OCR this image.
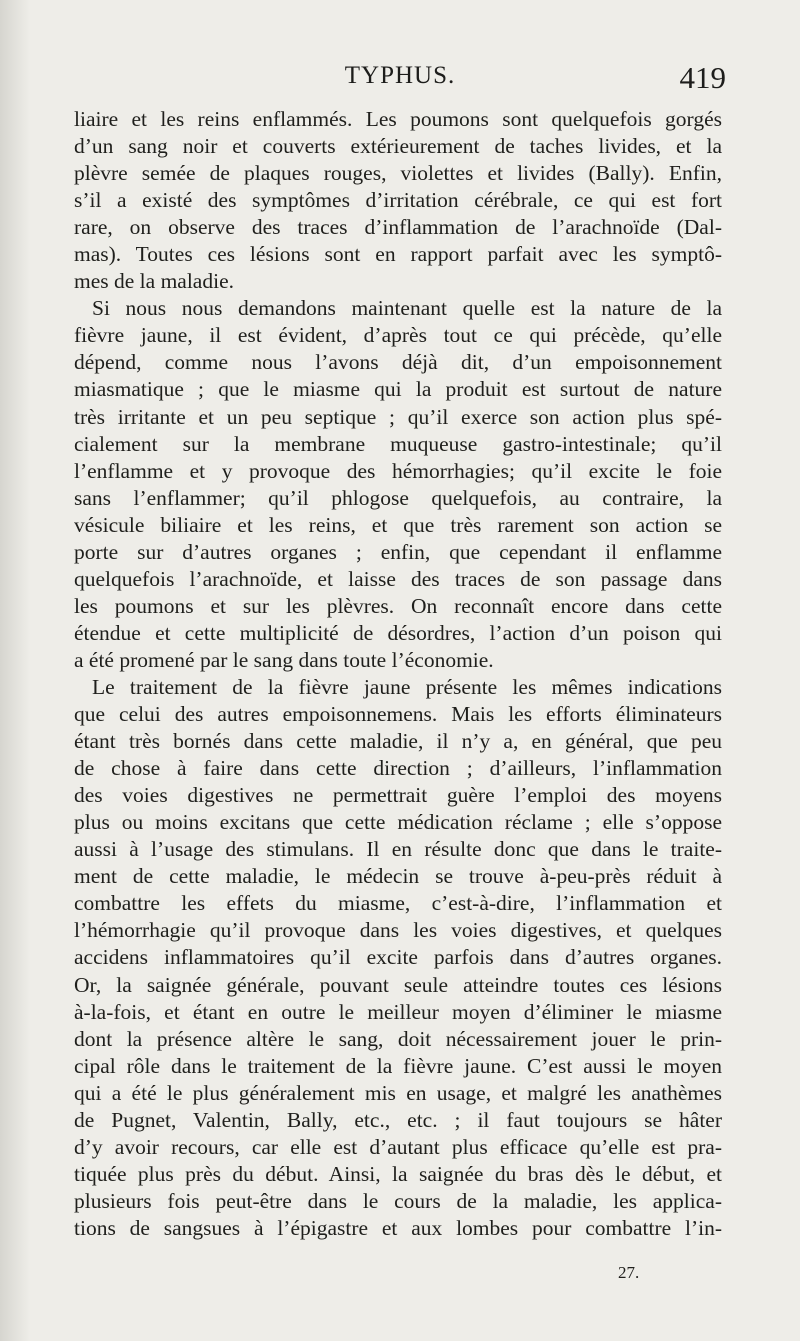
TYPHUS.	419
liaire et les reins enflammés. Les poumons sont quelquefois gorgés
d’un sang noir et couverts extérieurement de taches livides, et la
plèvre semée de plaques rouges, violettes et livides (Bally). Enfin,
s’il a existé des symptômes d’irritation cérébrale, ce qui est fort
rare, on observe des traces d’inflammation de l’arachnoïde (Dal-
mas). Toutes ces lésions sont en rapport parfait avec les symptô-
mes de la maladie.
Si nous nous demandons maintenant quelle est la nature de la
fièvre jaune, il est évident, d’après tout ce qui précède, qu’elle
dépend, comme nous l’avons déjà dit, d’un empoisonnement
miasmatique ; que le miasme qui la produit est surtout de nature
très irritante et un peu septique ; qu’il exerce son action plus spé-
cialement sur la membrane muqueuse gastro-intestinale; qu’il
l’enflamme et y provoque des hémorrhagies; qu’il excite le foie
sans l’enflammer; qu’il phlogose quelquefois, au contraire, la
vésicule biliaire et les reins, et que très rarement son action se
porte sur d’autres organes ; enfin, que cependant il enflamme
quelquefois l’arachnoïde, et laisse des traces de son passage dans
les poumons et sur les plèvres. On reconnaît encore dans cette
étendue et cette multiplicité de désordres, l’action d’un poison qui
a été promené par le sang dans toute l’économie.
Le traitement de la fièvre jaune présente les mêmes indications
que celui des autres empoisonnemens. Mais les efforts éliminateurs
étant très bornés dans cette maladie, il n’y a, en général, que peu
de chose à faire dans cette direction ; d’ailleurs, l’inflammation
des voies digestives ne permettrait guère l’emploi des moyens
plus ou moins excitans que cette médication réclame ; elle s’oppose
aussi à l’usage des stimulans. Il en résulte donc que dans le traite-
ment de cette maladie, le médecin se trouve à-peu-près réduit à
combattre les effets du miasme, c’est-à-dire, l’inflammation et
l’hémorrhagie qu’il provoque dans les voies digestives, et quelques
accidens inflammatoires qu’il excite parfois dans d’autres organes.
Or, la saignée générale, pouvant seule atteindre toutes ces lésions
à-la-fois, et étant en outre le meilleur moyen d’éliminer le miasme
dont la présence altère le sang, doit nécessairement jouer le prin-
cipal rôle dans le traitement de la fièvre jaune. C’est aussi le moyen
qui a été le plus généralement mis en usage, et malgré les anathèmes
de Pugnet, Valentin, Bally, etc., etc. ; il faut toujours se hâter
d’y avoir recours, car elle est d’autant plus efficace qu’elle est pra-
tiquée plus près du début. Ainsi, la saignée du bras dès le début, et
plusieurs fois peut-être dans le cours de la maladie, les applica-
tions de sangsues à l’épigastre et aux lombes pour combattre l’in-
27.
